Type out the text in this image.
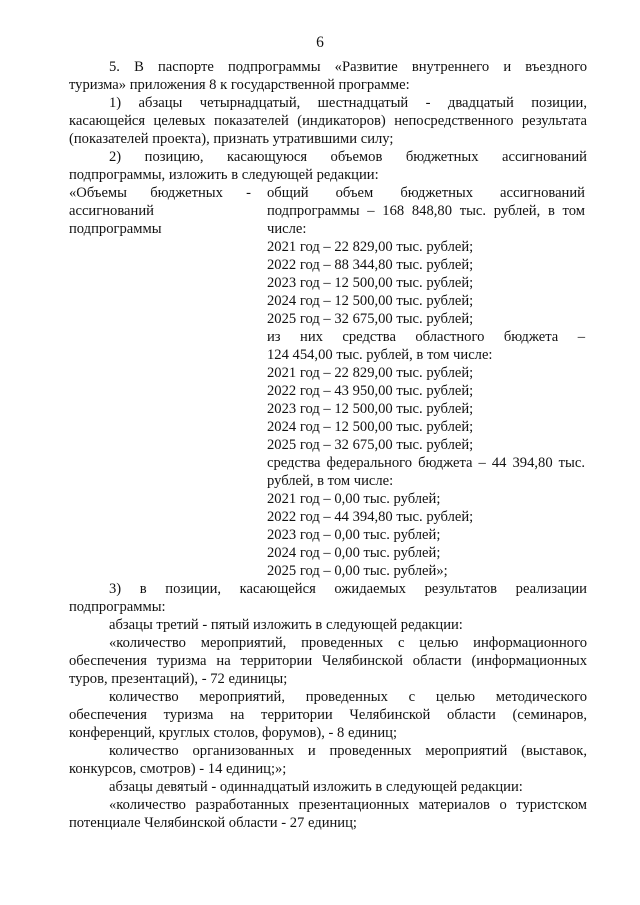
6
5. В паспорте подпрограммы «Развитие внутреннего и въездного
туризма» приложения 8 к государственной программе:
1) абзацы четырнадцатый, шестнадцатый - двадцатый позиции,
касающейся целевых показателей (индикаторов) непосредственного результата
(показателей проекта), признать утратившими силу;
2) позицию, касающуюся объемов бюджетных ассигнований
подпрограммы, изложить в следующей редакции:
«Объемы бюджетных -
ассигнований
подпрограммы
общий объем бюджетных ассигнований
подпрограммы – 168 848,80 тыс. рублей, в том
числе:
2021 год – 22 829,00 тыс. рублей;
2022 год – 88 344,80 тыс. рублей;
2023 год – 12 500,00 тыс. рублей;
2024 год – 12 500,00 тыс. рублей;
2025 год – 32 675,00 тыс. рублей;
из них средства областного бюджета –
124 454,00 тыс. рублей, в том числе:
2021 год – 22 829,00 тыс. рублей;
2022 год – 43 950,00 тыс. рублей;
2023 год – 12 500,00 тыс. рублей;
2024 год – 12 500,00 тыс. рублей;
2025 год – 32 675,00 тыс. рублей;
средства федерального бюджета – 44 394,80 тыс.
рублей, в том числе:
2021 год – 0,00 тыс. рублей;
2022 год – 44 394,80 тыс. рублей;
2023 год – 0,00 тыс. рублей;
2024 год – 0,00 тыс. рублей;
2025 год – 0,00 тыс. рублей»;
3) в позиции, касающейся ожидаемых результатов реализации
подпрограммы:
абзацы третий - пятый изложить в следующей редакции:
«количество мероприятий, проведенных с целью информационного
обеспечения туризма на территории Челябинской области (информационных
туров, презентаций), - 72 единицы;
количество мероприятий, проведенных с целью методического
обеспечения туризма на территории Челябинской области (семинаров,
конференций, круглых столов, форумов), - 8 единиц;
количество организованных и проведенных мероприятий (выставок,
конкурсов, смотров) - 14 единиц;»;
абзацы девятый - одиннадцатый изложить в следующей редакции:
«количество разработанных презентационных материалов о туристском
потенциале Челябинской области - 27 единиц;
